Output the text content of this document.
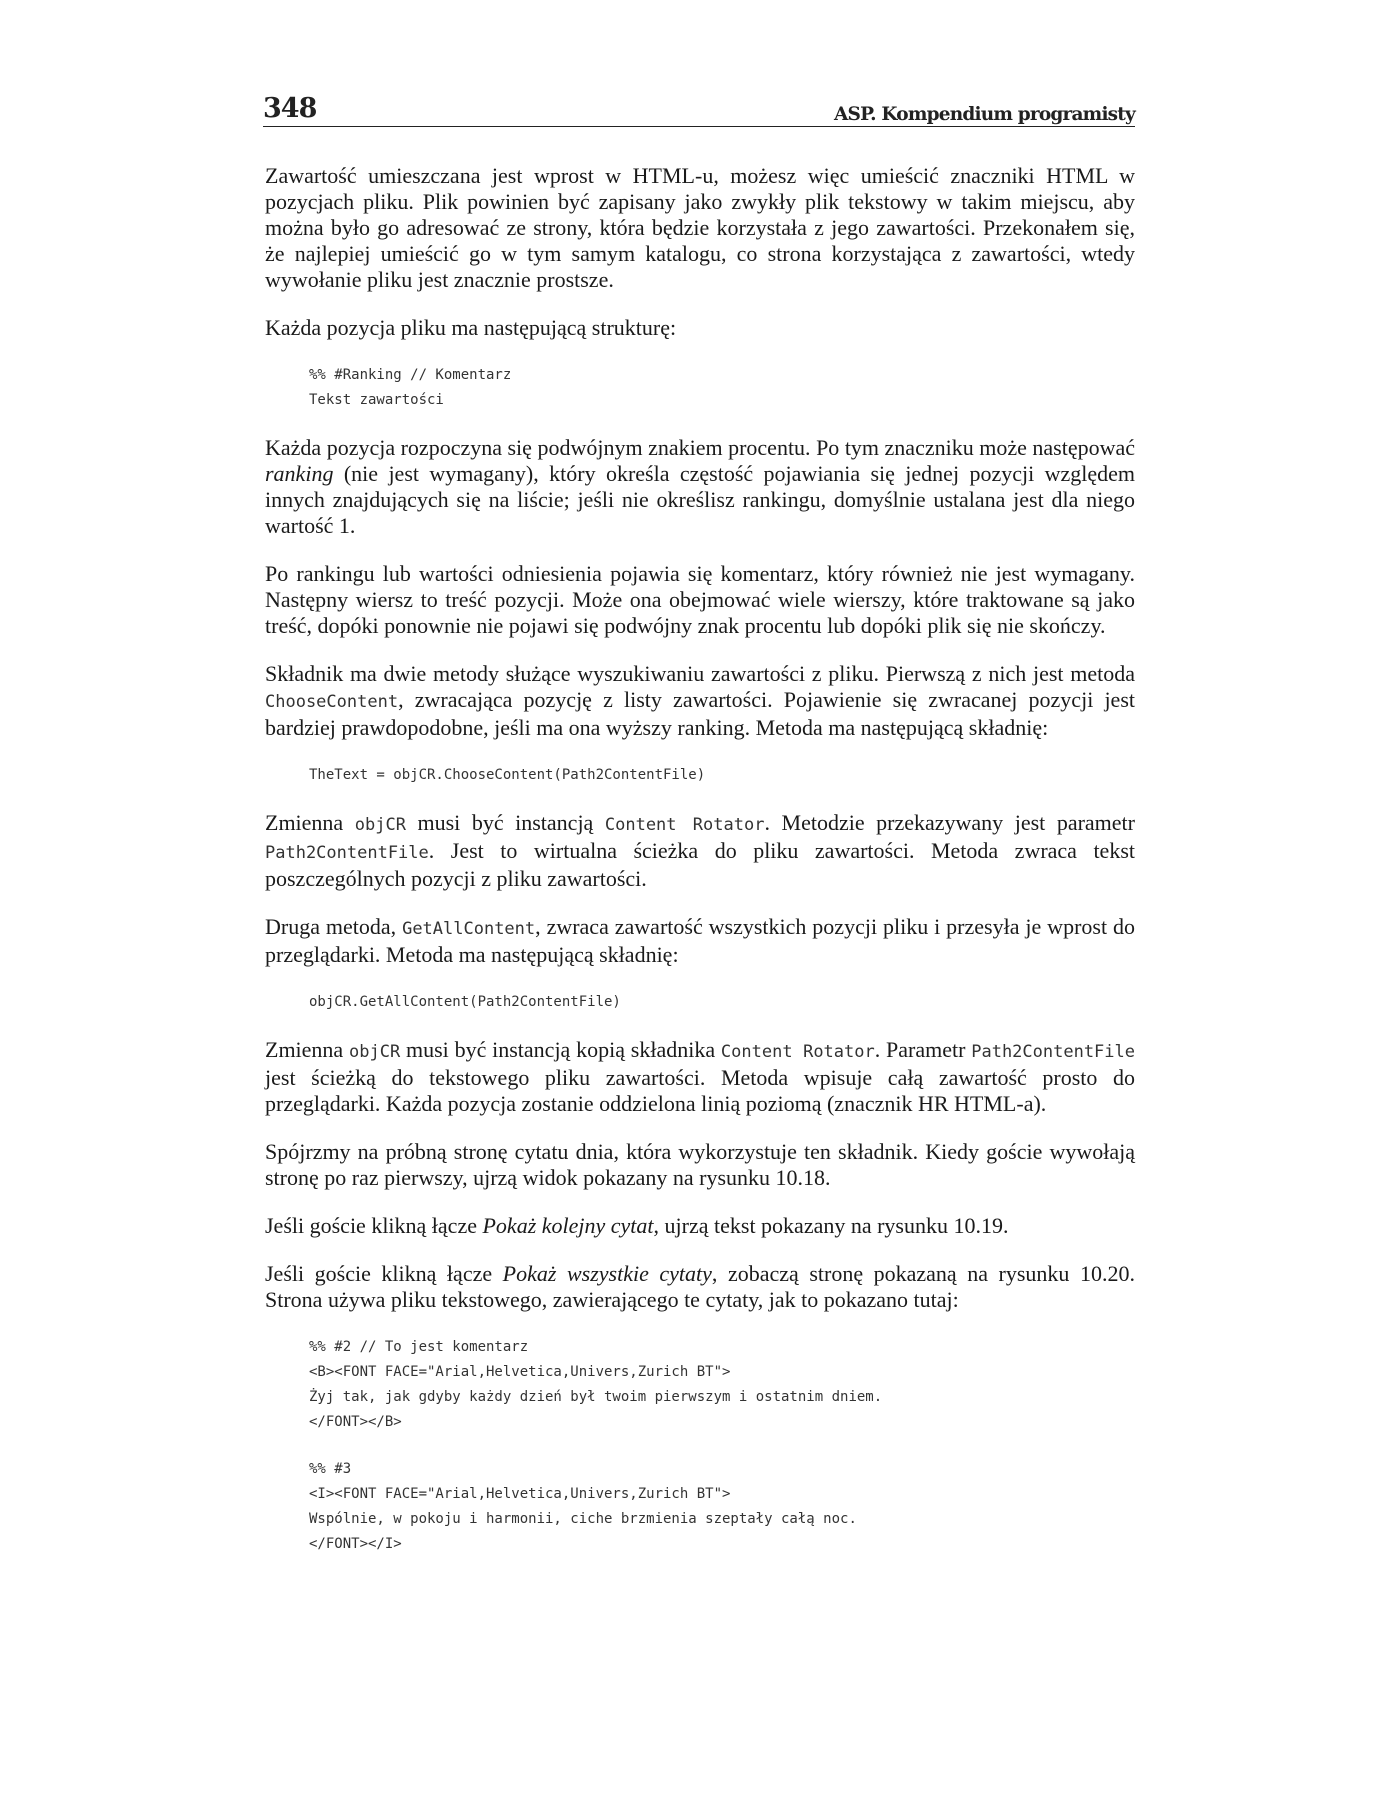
348	ASP. Kompendium programisty

Zawartość umieszczana jest wprost w HTML-u, możesz więc umieścić znaczniki HTML w pozycjach pliku. Plik powinien być zapisany jako zwykły plik tekstowy w takim miejscu, aby można było go adresować ze strony, która będzie korzystała z jego zawartości. Przekonałem się, że najlepiej umieścić go w tym samym katalogu, co strona korzystająca z zawartości, wtedy wywołanie pliku jest znacznie prostsze.

Każda pozycja pliku ma następującą strukturę:

%% #Ranking // Komentarz
Tekst zawartości

Każda pozycja rozpoczyna się podwójnym znakiem procentu. Po tym znaczniku może następować ranking (nie jest wymagany), który określa częstość pojawiania się jednej pozycji względem innych znajdujących się na liście; jeśli nie określisz rankingu, domyślnie ustalana jest dla niego wartość 1.

Po rankingu lub wartości odniesienia pojawia się komentarz, który również nie jest wymagany. Następny wiersz to treść pozycji. Może ona obejmować wiele wierszy, które traktowane są jako treść, dopóki ponownie nie pojawi się podwójny znak procentu lub dopóki plik się nie skończy.

Składnik ma dwie metody służące wyszukiwaniu zawartości z pliku. Pierwszą z nich jest metoda ChooseContent, zwracająca pozycję z listy zawartości. Pojawienie się zwracanej pozycji jest bardziej prawdopodobne, jeśli ma ona wyższy ranking. Metoda ma następującą składnię:

TheText = objCR.ChooseContent(Path2ContentFile)

Zmienna objCR musi być instancją Content Rotator. Metodzie przekazywany jest parametr Path2ContentFile. Jest to wirtualna ścieżka do pliku zawartości. Metoda zwraca tekst poszczególnych pozycji z pliku zawartości.

Druga metoda, GetAllContent, zwraca zawartość wszystkich pozycji pliku i przesyła je wprost do przeglądarki. Metoda ma następującą składnię:

objCR.GetAllContent(Path2ContentFile)

Zmienna objCR musi być instancją kopią składnika Content Rotator. Parametr Path2ContentFile jest ścieżką do tekstowego pliku zawartości. Metoda wpisuje całą zawartość prosto do przeglądarki. Każda pozycja zostanie oddzielona linią poziomą (znacznik HR HTML-a).

Spójrzmy na próbną stronę cytatu dnia, która wykorzystuje ten składnik. Kiedy goście wywołają stronę po raz pierwszy, ujrzą widok pokazany na rysunku 10.18.

Jeśli goście klikną łącze Pokaż kolejny cytat, ujrzą tekst pokazany na rysunku 10.19.

Jeśli goście klikną łącze Pokaż wszystkie cytaty, zobaczą stronę pokazaną na rysunku 10.20. Strona używa pliku tekstowego, zawierającego te cytaty, jak to pokazano tutaj:

%% #2 // To jest komentarz
<B><FONT FACE="Arial,Helvetica,Univers,Zurich BT">
Żyj tak, jak gdyby każdy dzień był twoim pierwszym i ostatnim dniem.
</FONT></B>
%% #3
<I><FONT FACE="Arial,Helvetica,Univers,Zurich BT">
Wspólnie, w pokoju i harmonii, ciche brzmienia szeptały całą noc.
</FONT></I>
